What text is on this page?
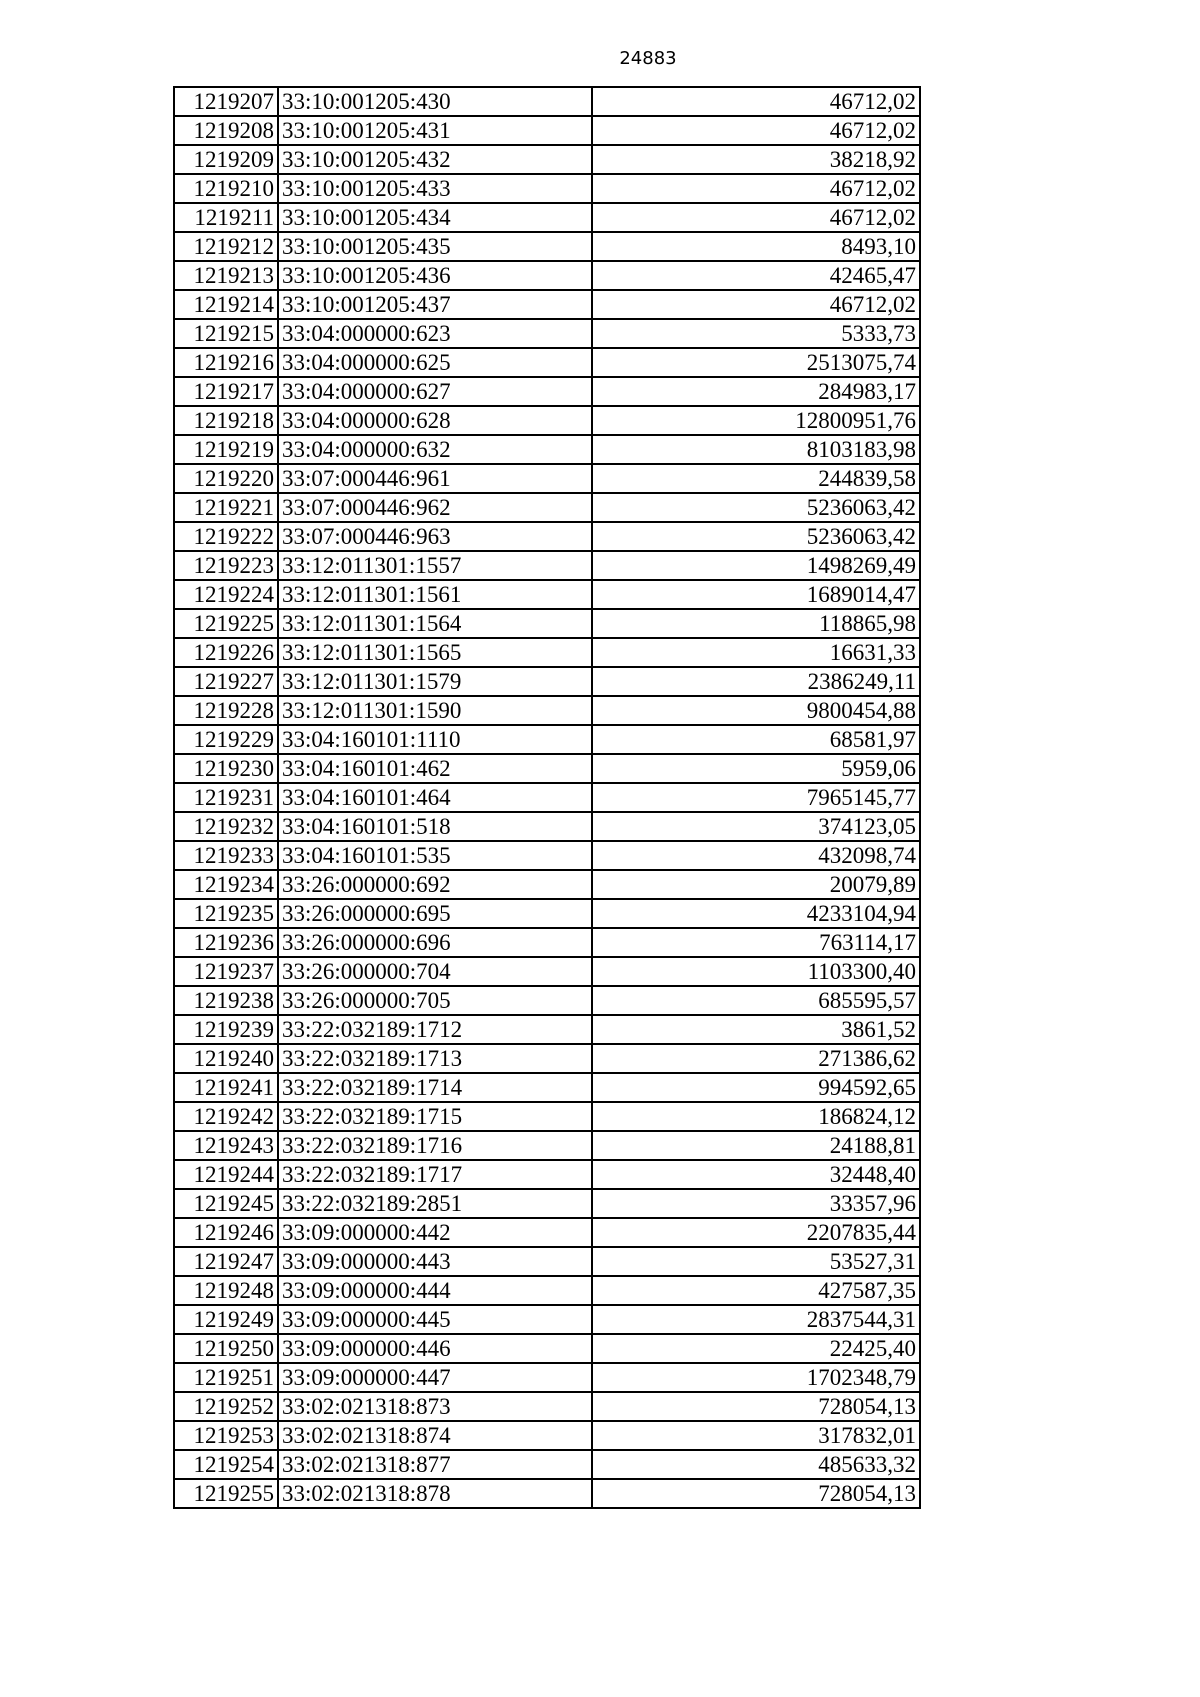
24883
1219207	33:10:001205:430	46712,02
1219208	33:10:001205:431	46712,02
1219209	33:10:001205:432	38218,92
1219210	33:10:001205:433	46712,02
1219211	33:10:001205:434	46712,02
1219212	33:10:001205:435	8493,10
1219213	33:10:001205:436	42465,47
1219214	33:10:001205:437	46712,02
1219215	33:04:000000:623	5333,73
1219216	33:04:000000:625	2513075,74
1219217	33:04:000000:627	284983,17
1219218	33:04:000000:628	12800951,76
1219219	33:04:000000:632	8103183,98
1219220	33:07:000446:961	244839,58
1219221	33:07:000446:962	5236063,42
1219222	33:07:000446:963	5236063,42
1219223	33:12:011301:1557	1498269,49
1219224	33:12:011301:1561	1689014,47
1219225	33:12:011301:1564	118865,98
1219226	33:12:011301:1565	16631,33
1219227	33:12:011301:1579	2386249,11
1219228	33:12:011301:1590	9800454,88
1219229	33:04:160101:1110	68581,97
1219230	33:04:160101:462	5959,06
1219231	33:04:160101:464	7965145,77
1219232	33:04:160101:518	374123,05
1219233	33:04:160101:535	432098,74
1219234	33:26:000000:692	20079,89
1219235	33:26:000000:695	4233104,94
1219236	33:26:000000:696	763114,17
1219237	33:26:000000:704	1103300,40
1219238	33:26:000000:705	685595,57
1219239	33:22:032189:1712	3861,52
1219240	33:22:032189:1713	271386,62
1219241	33:22:032189:1714	994592,65
1219242	33:22:032189:1715	186824,12
1219243	33:22:032189:1716	24188,81
1219244	33:22:032189:1717	32448,40
1219245	33:22:032189:2851	33357,96
1219246	33:09:000000:442	2207835,44
1219247	33:09:000000:443	53527,31
1219248	33:09:000000:444	427587,35
1219249	33:09:000000:445	2837544,31
1219250	33:09:000000:446	22425,40
1219251	33:09:000000:447	1702348,79
1219252	33:02:021318:873	728054,13
1219253	33:02:021318:874	317832,01
1219254	33:02:021318:877	485633,32
1219255	33:02:021318:878	728054,13
